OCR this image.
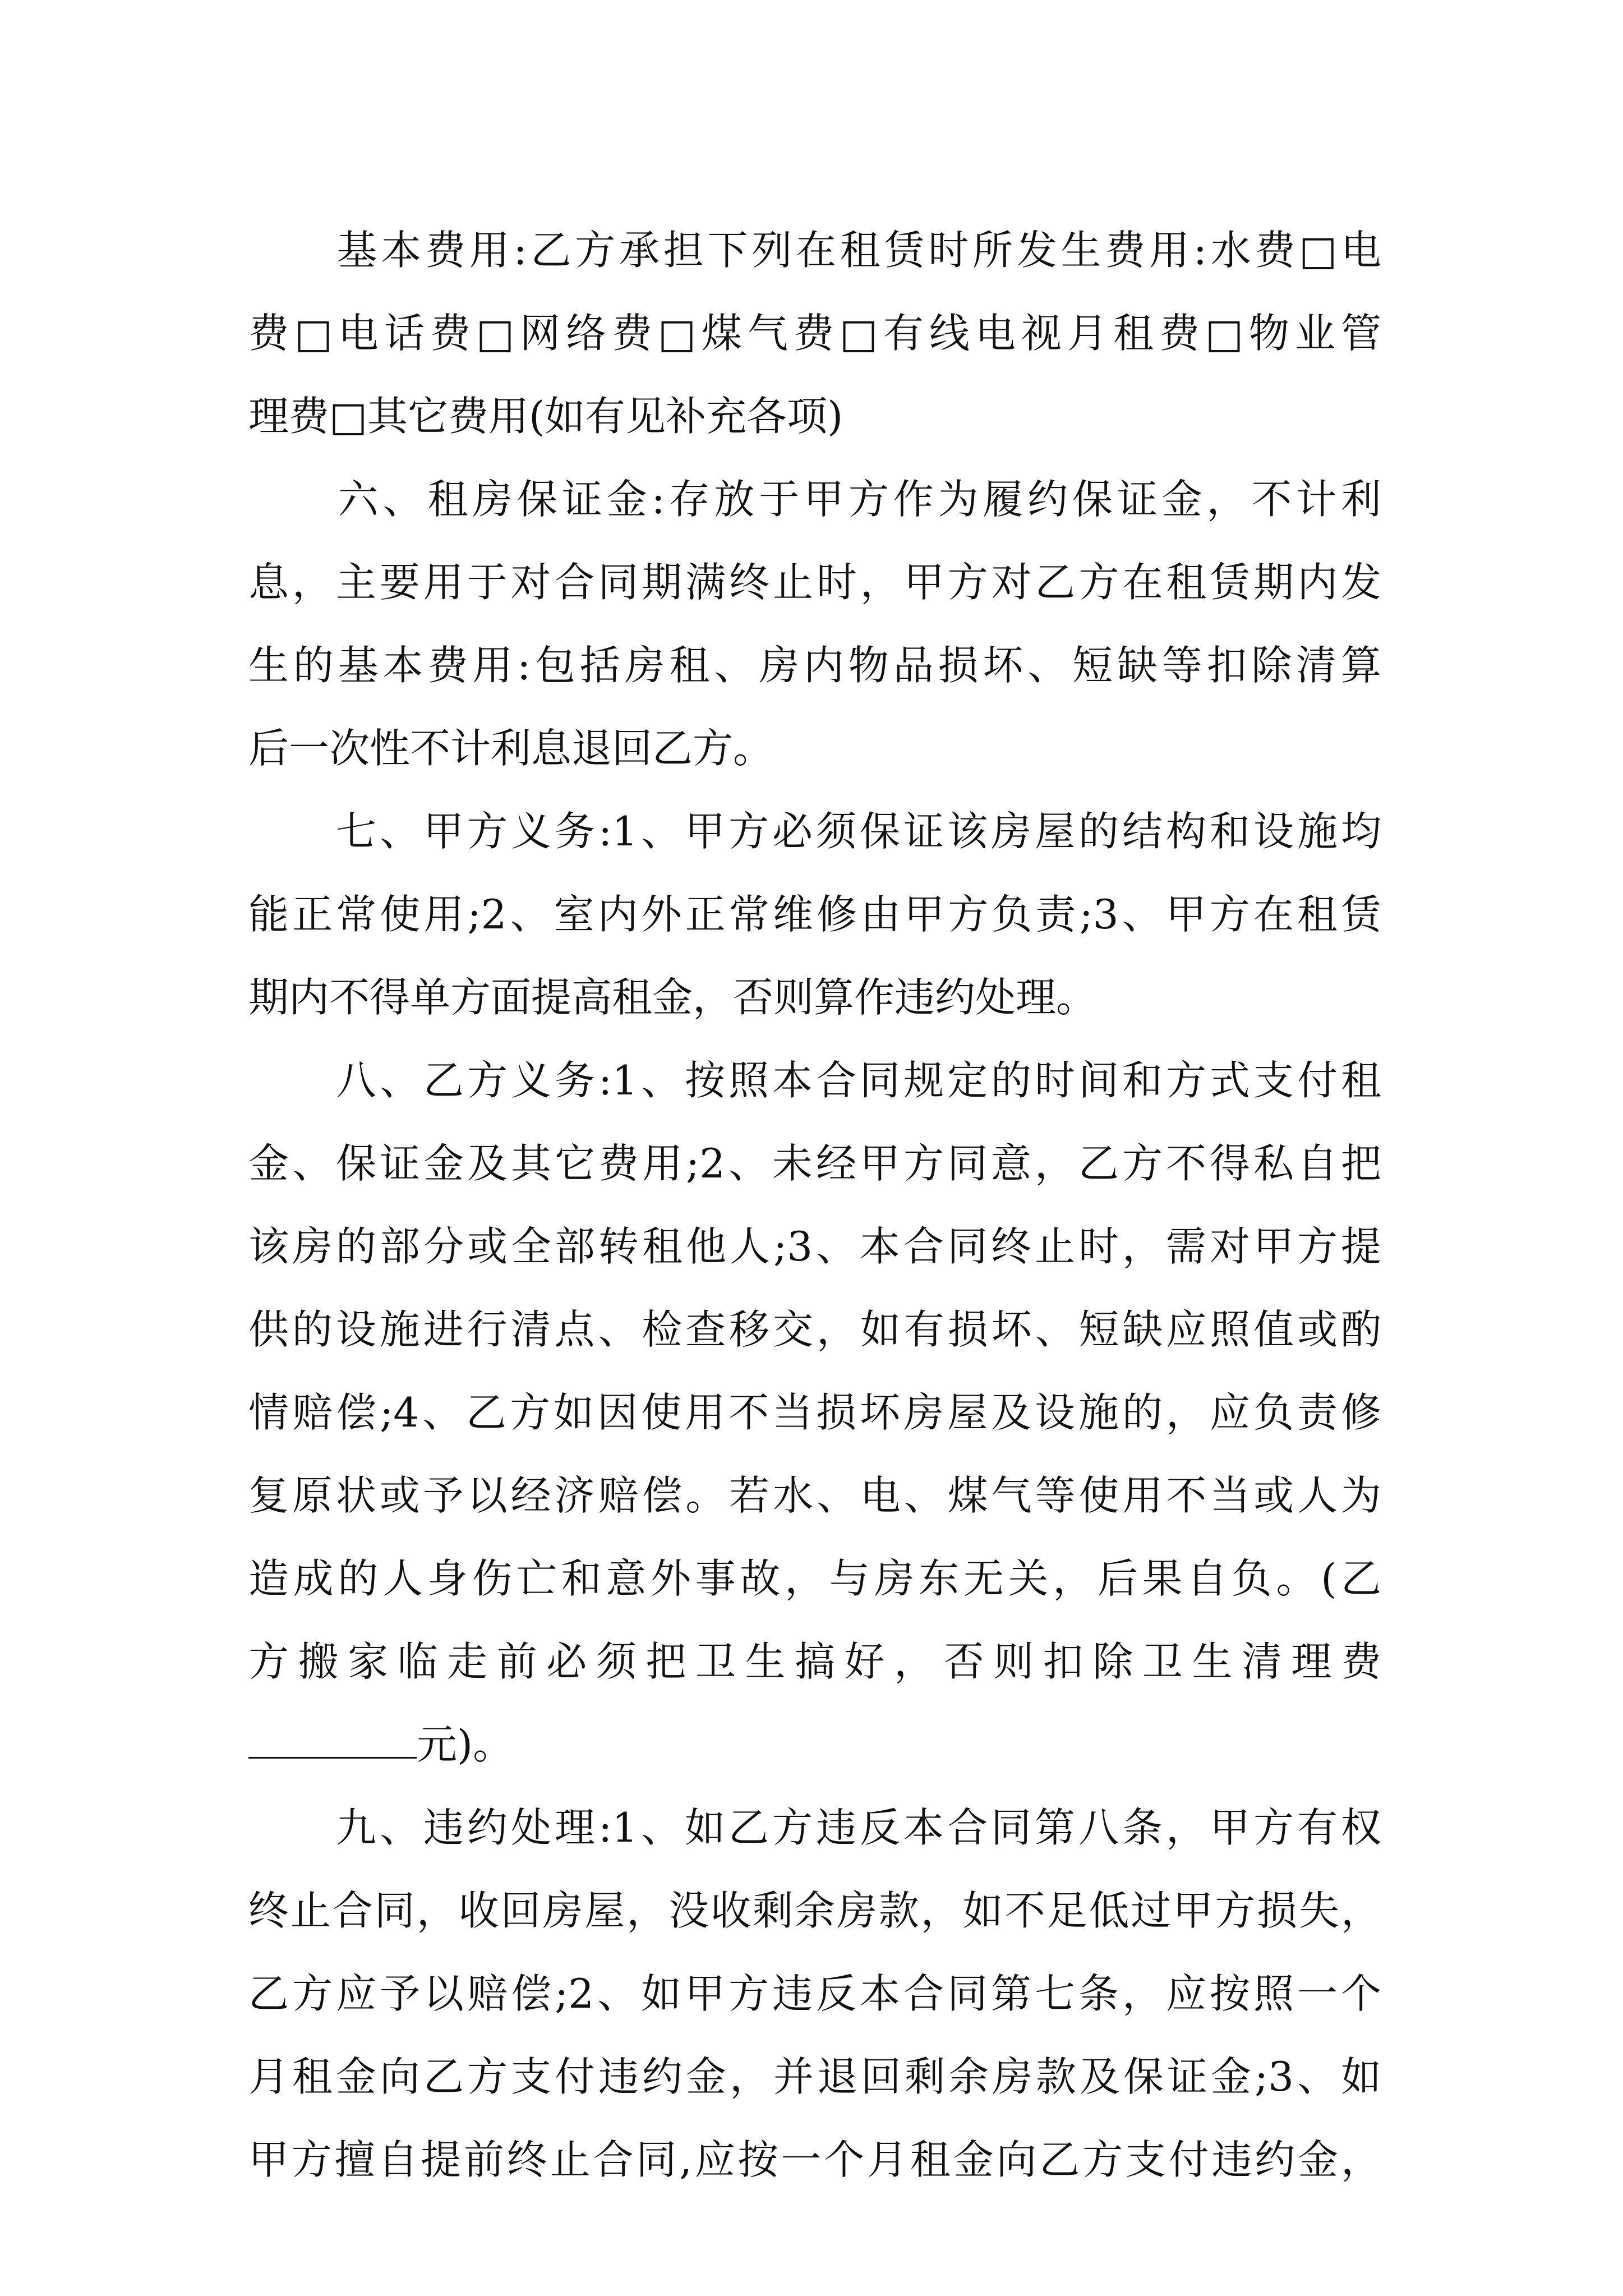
　　基本费用:乙方承担下列在租赁时所发生费用:水费□电
费□电话费□网络费□煤气费□有线电视月租费□物业管
理费□其它费用(如有见补充各项)
　　六、租房保证金:存放于甲方作为履约保证金，不计利
息，主要用于对合同期满终止时，甲方对乙方在租赁期内发
生的基本费用:包括房租、房内物品损坏、短缺等扣除清算
后一次性不计利息退回乙方。
　　七、甲方义务:1、甲方必须保证该房屋的结构和设施均
能正常使用;2、室内外正常维修由甲方负责;3、甲方在租赁
期内不得单方面提高租金，否则算作违约处理。
　　八、乙方义务:1、按照本合同规定的时间和方式支付租
金、保证金及其它费用;2、未经甲方同意，乙方不得私自把
该房的部分或全部转租他人;3、本合同终止时，需对甲方提
供的设施进行清点、检查移交，如有损坏、短缺应照值或酌
情赔偿;4、乙方如因使用不当损坏房屋及设施的，应负责修
复原状或予以经济赔偿。若水、电、煤气等使用不当或人为
造成的人身伤亡和意外事故，与房东无关，后果自负。(乙
方搬家临走前必须把卫生搞好，否则扣除卫生清理费
元)。
　　九、违约处理:1、如乙方违反本合同第八条，甲方有权
终止合同，收回房屋，没收剩余房款，如不足低过甲方损失，
乙方应予以赔偿;2、如甲方违反本合同第七条，应按照一个
月租金向乙方支付违约金，并退回剩余房款及保证金;3、如
甲方擅自提前终止合同,应按一个月租金向乙方支付违约金，
